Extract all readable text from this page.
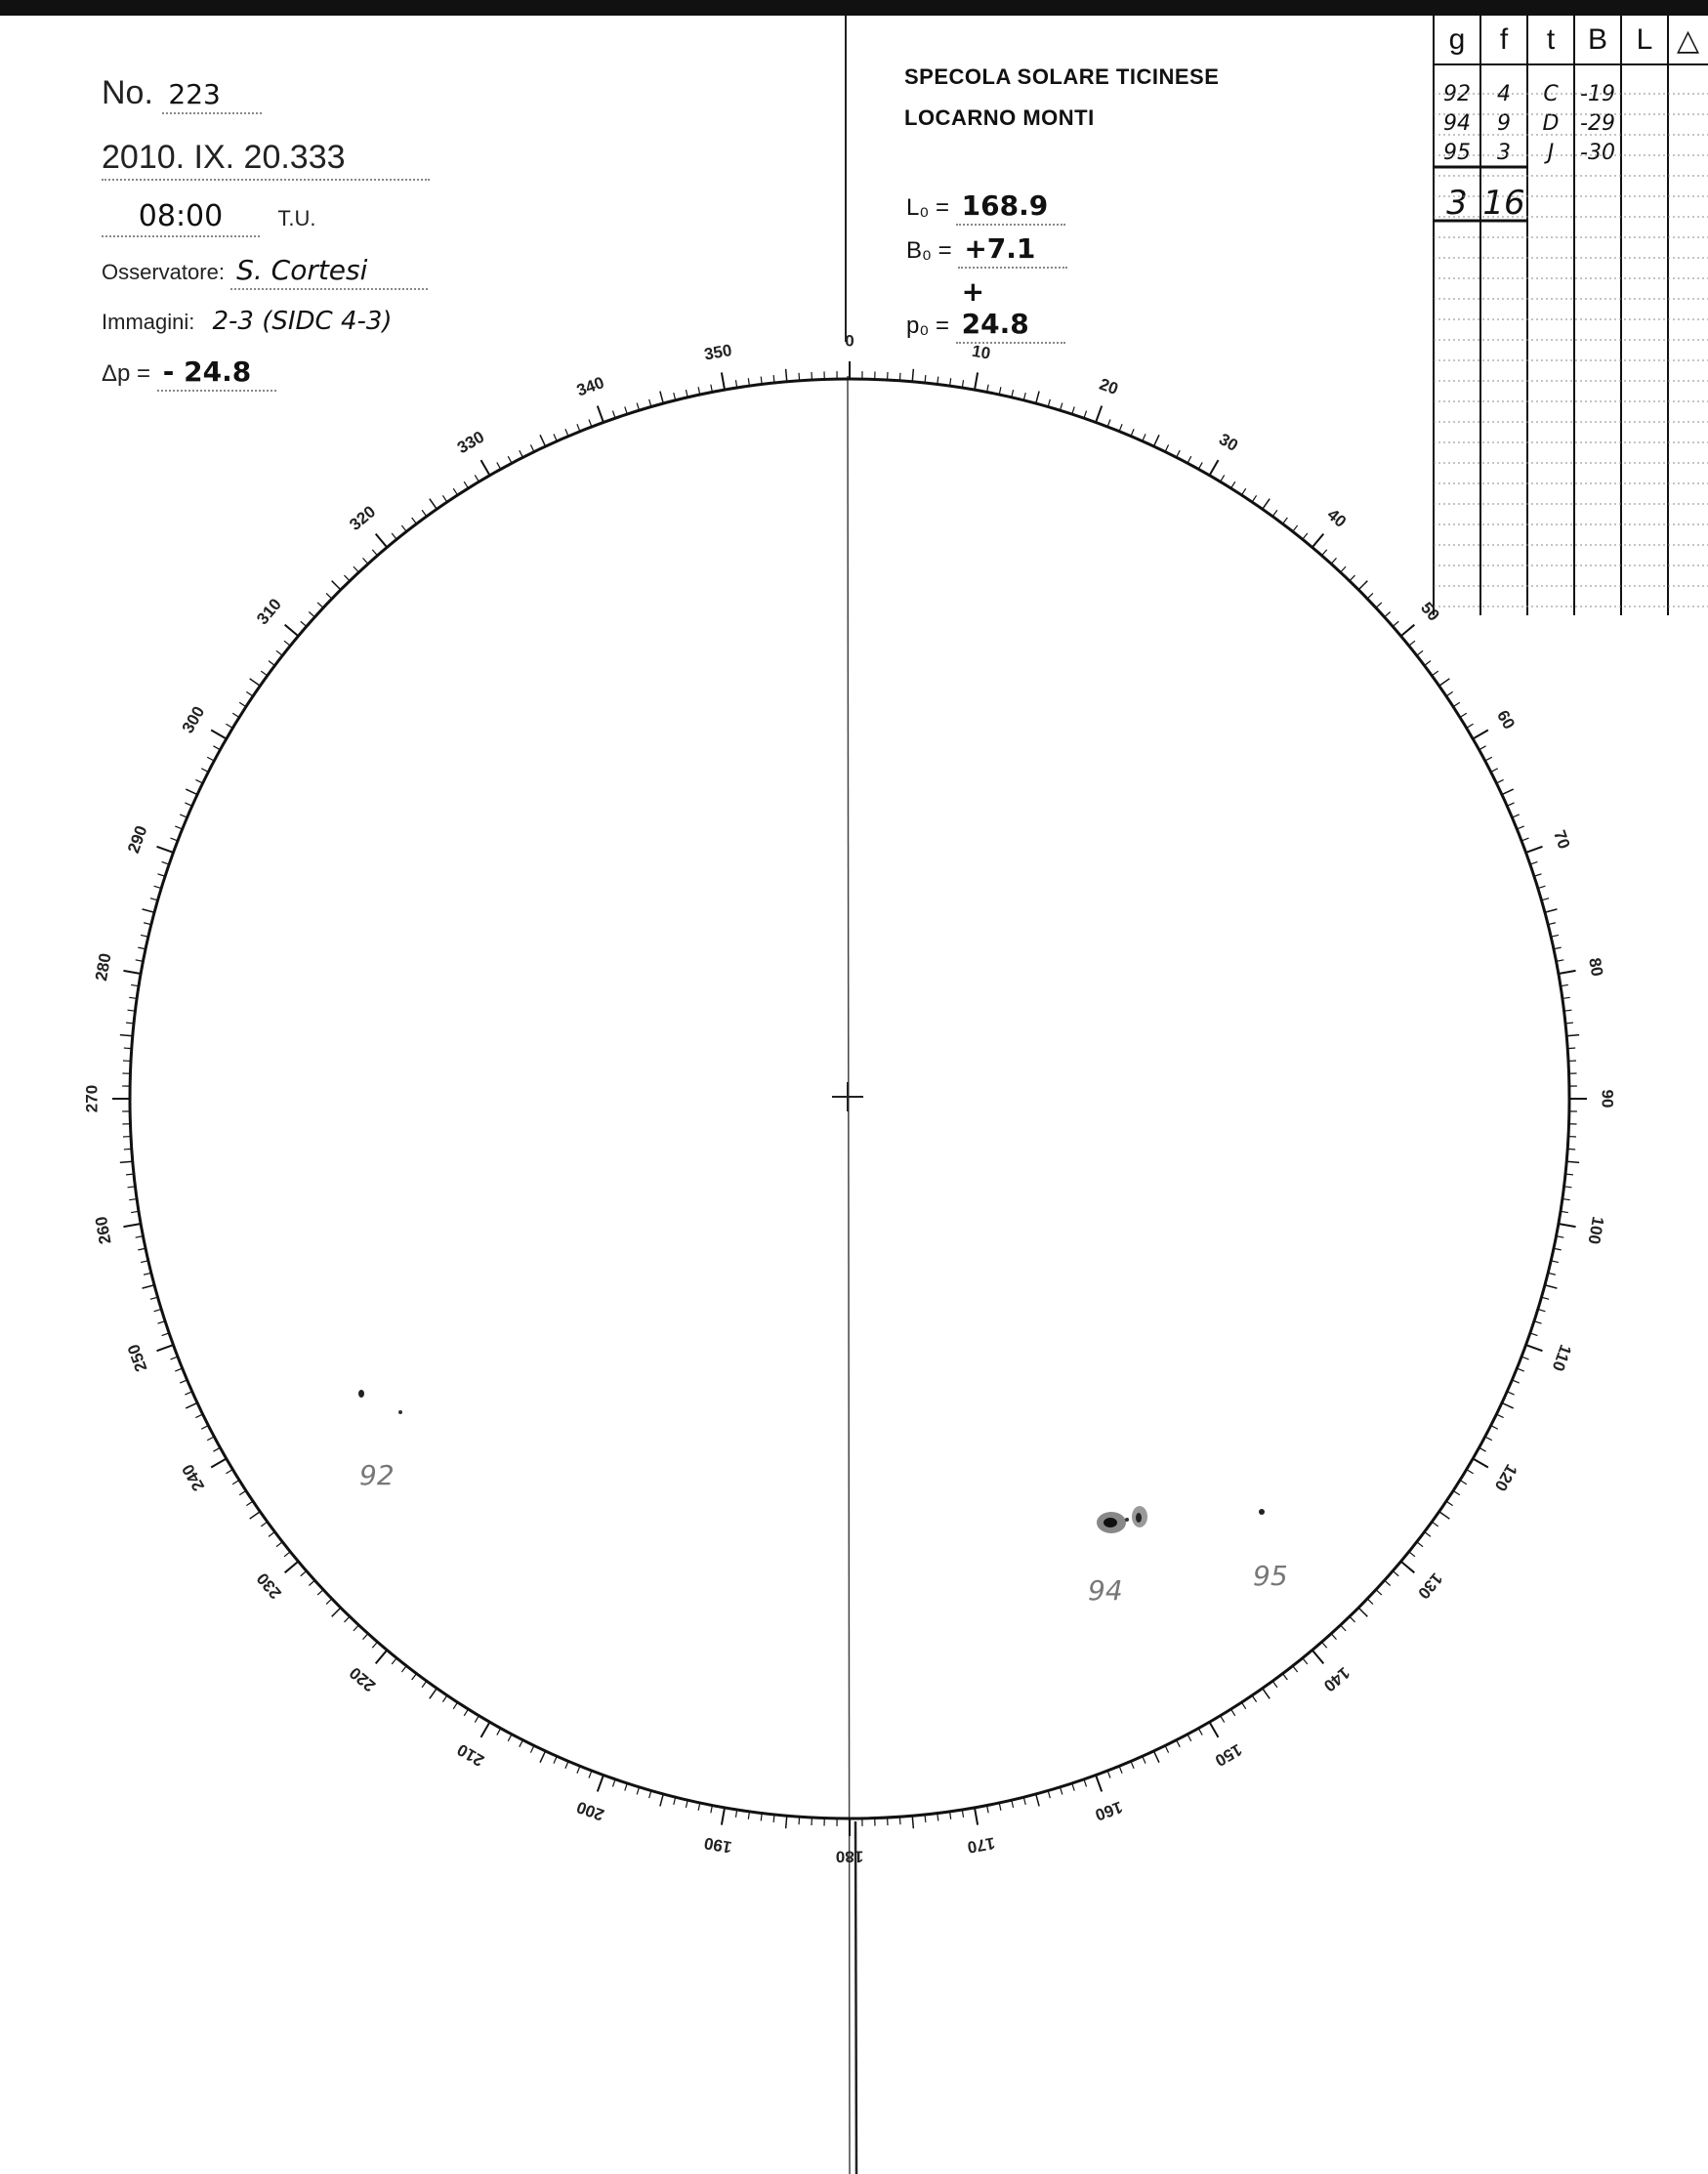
No. 223
2010. IX. 20.333
08:00	T.U.
Osservatore: S. Cortesi
Immagini: 2-3 (SIDC 4-3)
Δp = - 24.8
SPECOLA SOLARE TICINESE
LOCARNO MONTI
L₀ = 168.9
B₀ = +7.1
p₀ = + 24.8
g	f	t	B L △
92	4	C	-19
94	9	D -29
95	3	J	-30
3 16
0
10
20
30
40
50
60
70
80
90
100
110
120
130
140
150
160
170
180
190
200
210
220
230
240
250
260
270
280
290
300
310
320
330
340
350
92
94	95
